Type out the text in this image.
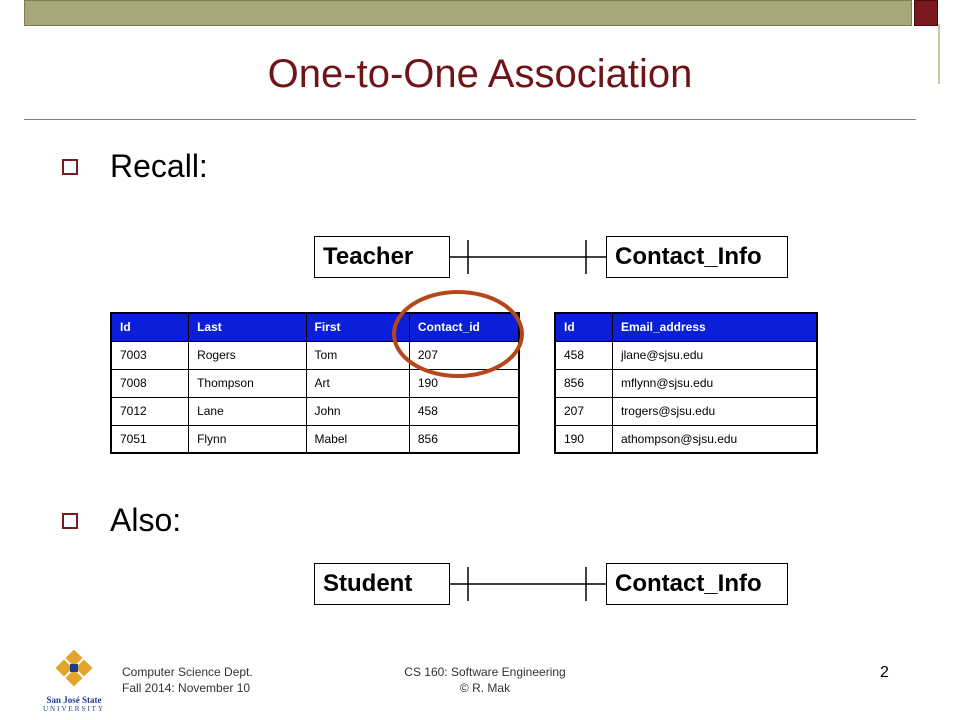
One-to-One Association
Recall:
Also:
Teacher	Contact_Info
Id	Last	First	Contact_id
7003	Rogers	Tom	207
7008	Thompson	Art	190
7012	Lane	John	458
7051	Flynn	Mabel	856
Id	Email_address
458	jlane@sjsu.edu
856	mflynn@sjsu.edu
207	trogers@sjsu.edu
190	athompson@sjsu.edu
Student	Contact_Info
San José State
UNIVERSITY
Computer Science Dept.
Fall 2014: November 10
CS 160: Software Engineering
© R. Mak
2
